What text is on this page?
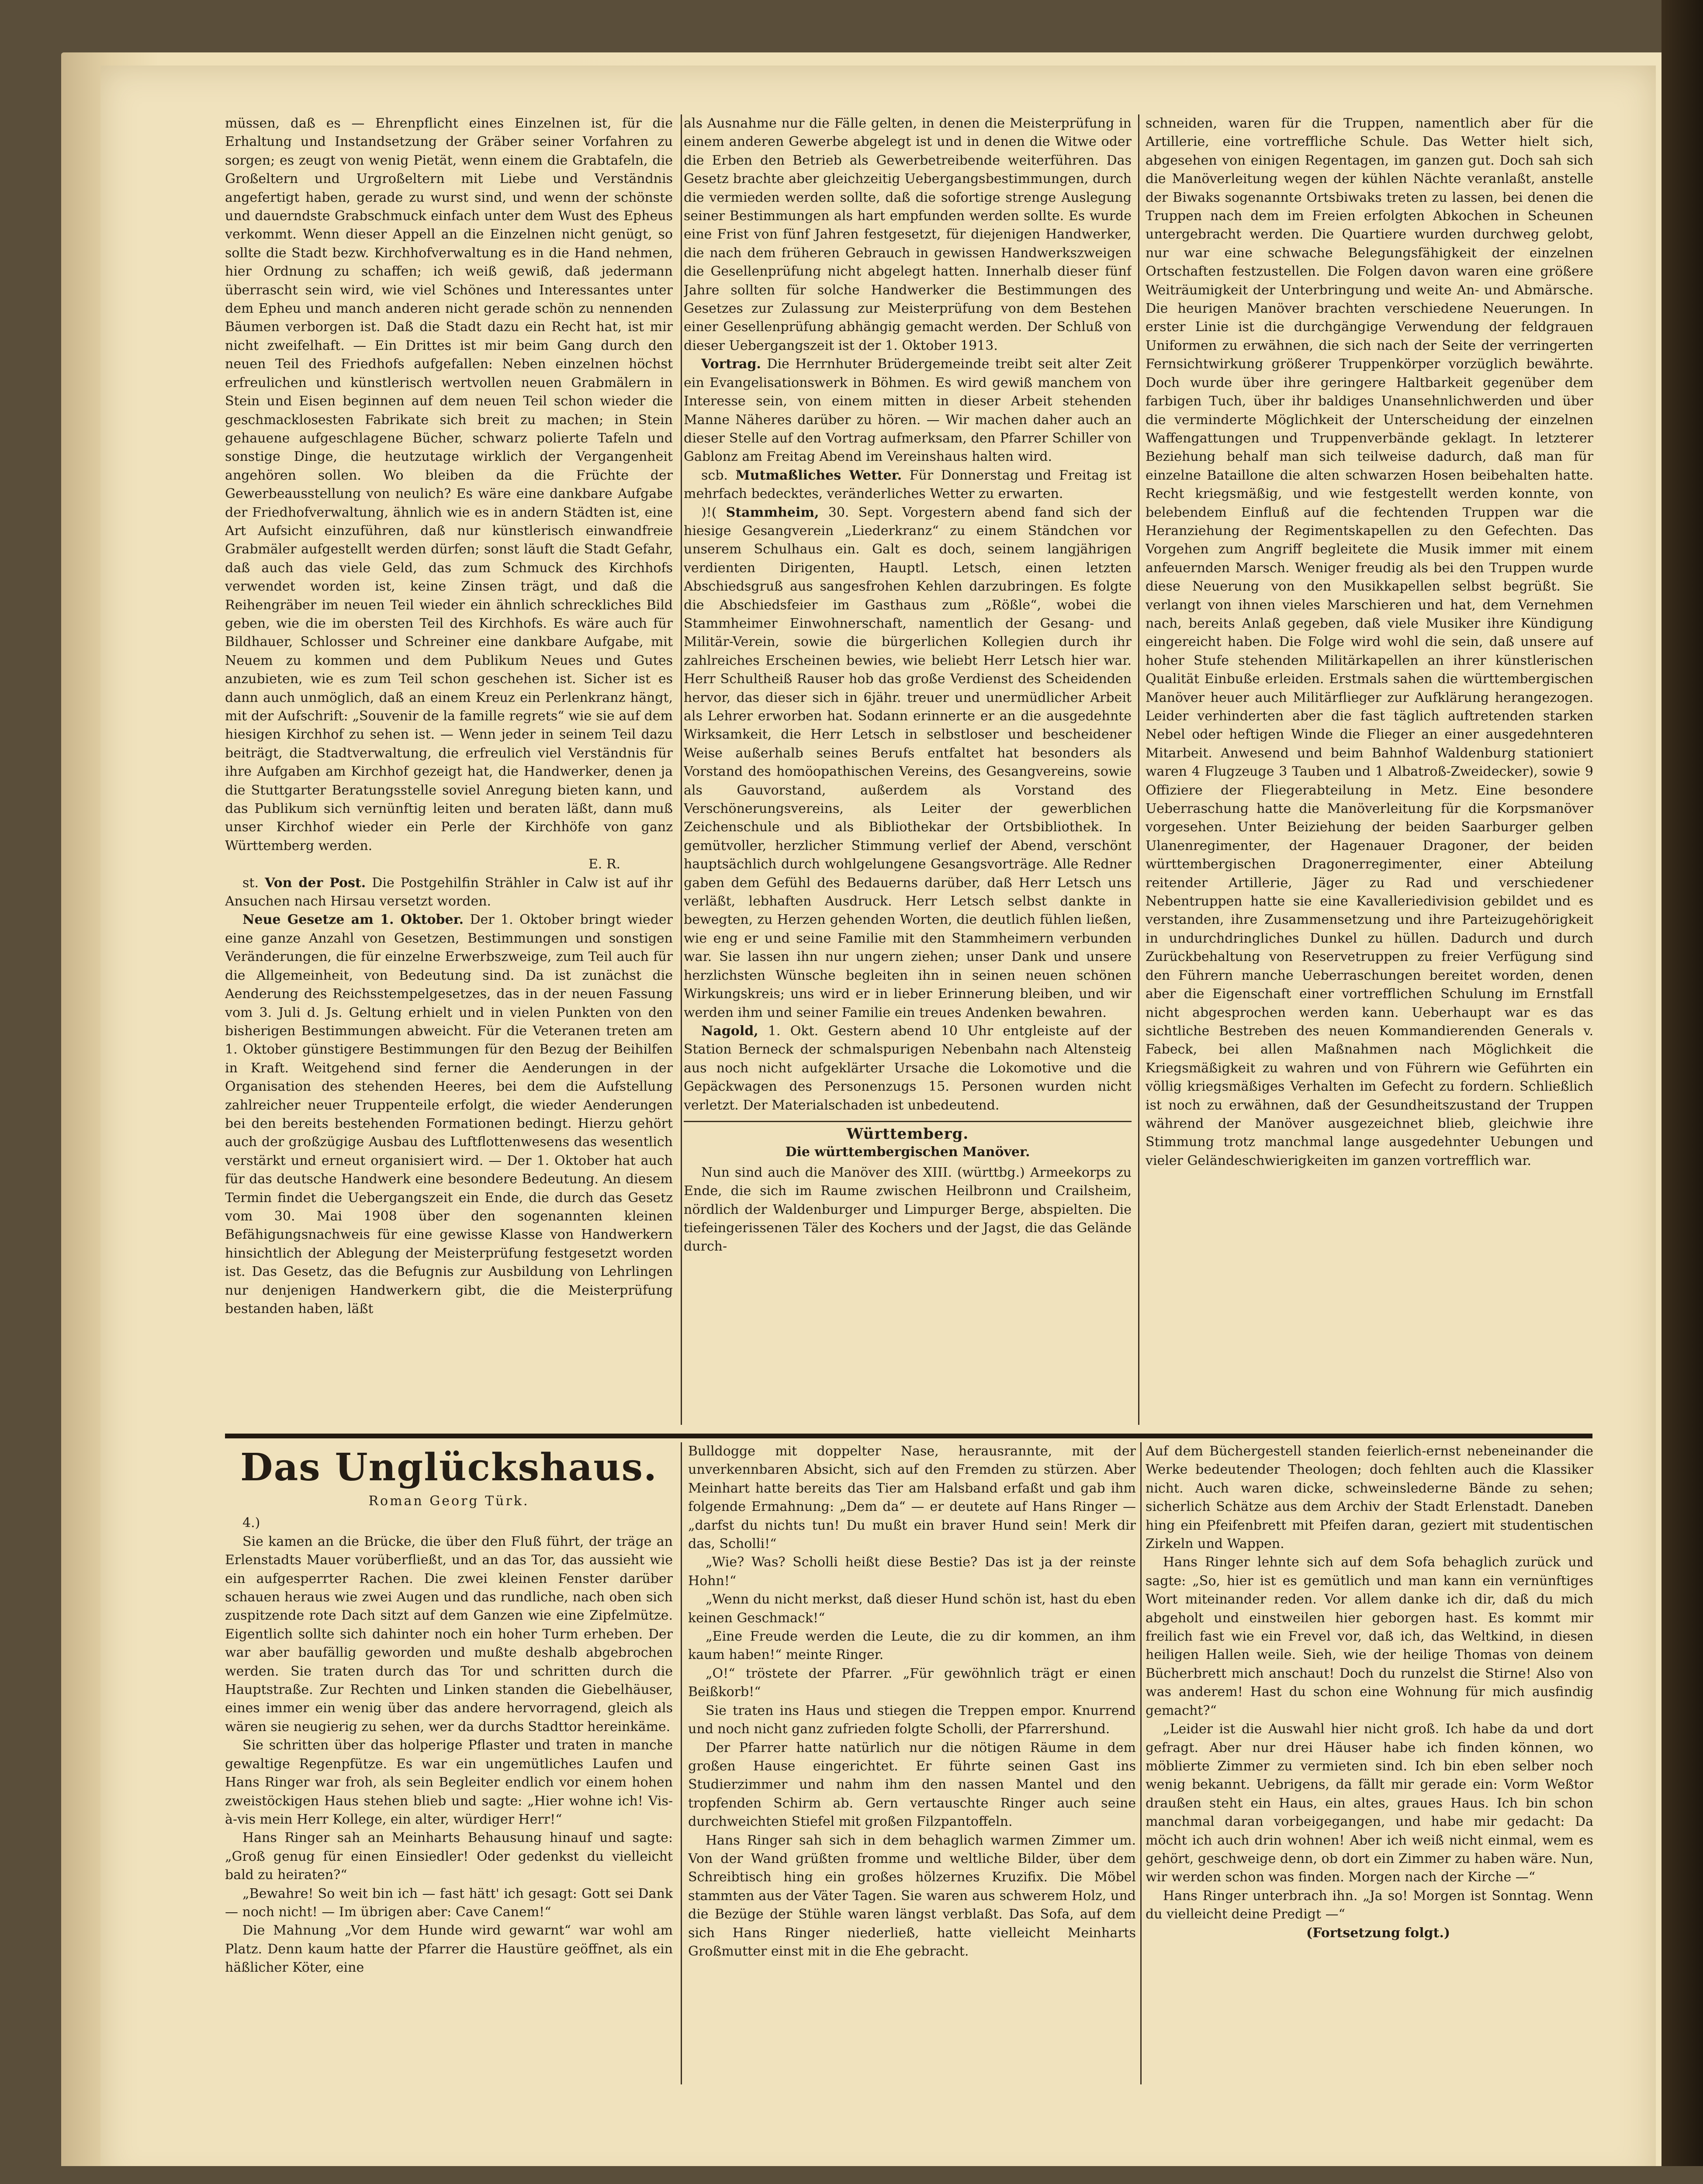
müssen, daß es — Ehrenpflicht eines Einzelnen ist, für die Erhaltung und Instandsetzung der Gräber seiner Vorfahren zu sorgen; es zeugt von wenig Pietät, wenn einem die Grabtafeln, die Großeltern und Urgroßeltern mit Liebe und Verständnis angefertigt haben, gerade zu wurst sind, und wenn der schönste und dauerndste Grabschmuck einfach unter dem Wust des Epheus verkommt. Wenn dieser Appell an die Einzelnen nicht genügt, so sollte die Stadt bezw. Kirchhofverwaltung es in die Hand nehmen, hier Ordnung zu schaffen; ich weiß gewiß, daß jedermann überrascht sein wird, wie viel Schönes und Interessantes unter dem Epheu und manch anderen nicht gerade schön zu nennenden Bäumen verborgen ist. Daß die Stadt dazu ein Recht hat, ist mir nicht zweifelhaft. — Ein Drittes ist mir beim Gang durch den neuen Teil des Friedhofs aufgefallen: Neben einzelnen höchst erfreulichen und künstlerisch wertvollen neuen Grabmälern in Stein und Eisen beginnen auf dem neuen Teil schon wieder die geschmacklosesten Fabrikate sich breit zu machen; in Stein gehauene aufgeschlagene Bücher, schwarz polierte Tafeln und sonstige Dinge, die heutzutage wirklich der Vergangenheit angehören sollen. Wo bleiben da die Früchte der Gewerbeausstellung von neulich? Es wäre eine dankbare Aufgabe der Friedhofverwaltung, ähnlich wie es in andern Städten ist, eine Art Aufsicht einzuführen, daß nur künstlerisch einwandfreie Grabmäler aufgestellt werden dürfen; sonst läuft die Stadt Gefahr, daß auch das viele Geld, das zum Schmuck des Kirchhofs verwendet worden ist, keine Zinsen trägt, und daß die Reihengräber im neuen Teil wieder ein ähnlich schreckliches Bild geben, wie die im obersten Teil des Kirchhofs. Es wäre auch für Bildhauer, Schlosser und Schreiner eine dankbare Aufgabe, mit Neuem zu kommen und dem Publikum Neues und Gutes anzubieten, wie es zum Teil schon geschehen ist. Sicher ist es dann auch unmöglich, daß an einem Kreuz ein Perlenkranz hängt, mit der Aufschrift: „Souvenir de la famille regrets“ wie sie auf dem hiesigen Kirchhof zu sehen ist. — Wenn jeder in seinem Teil dazu beiträgt, die Stadtverwaltung, die erfreulich viel Verständnis für ihre Aufgaben am Kirchhof gezeigt hat, die Handwerker, denen ja die Stuttgarter Beratungsstelle soviel Anregung bieten kann, und das Publikum sich vernünftig leiten und beraten läßt, dann muß unser Kirchhof wieder ein Perle der Kirchhöfe von ganz Württemberg werden.

E. R.

st. Von der Post. Die Postgehilfin Strähler in Calw ist auf ihr Ansuchen nach Hirsau versetzt worden.

Neue Gesetze am 1. Oktober. Der 1. Oktober bringt wieder eine ganze Anzahl von Gesetzen, Bestimmungen und sonstigen Veränderungen, die für einzelne Erwerbszweige, zum Teil auch für die Allgemeinheit, von Bedeutung sind. Da ist zunächst die Aenderung des Reichsstempelgesetzes, das in der neuen Fassung vom 3. Juli d. Js. Geltung erhielt und in vielen Punkten von den bisherigen Bestimmungen abweicht. Für die Veteranen treten am 1. Oktober günstigere Bestimmungen für den Bezug der Beihilfen in Kraft. Weitgehend sind ferner die Aenderungen in der Organisation des stehenden Heeres, bei dem die Aufstellung zahlreicher neuer Truppenteile erfolgt, die wieder Aenderungen bei den bereits bestehenden Formationen bedingt. Hierzu gehört auch der großzügige Ausbau des Luftflottenwesens das wesentlich verstärkt und erneut organisiert wird. — Der 1. Oktober hat auch für das deutsche Handwerk eine besondere Bedeutung. An diesem Termin findet die Uebergangszeit ein Ende, die durch das Gesetz vom 30. Mai 1908 über den sogenannten kleinen Befähigungsnachweis für eine gewisse Klasse von Handwerkern hinsichtlich der Ablegung der Meisterprüfung festgesetzt worden ist. Das Gesetz, das die Befugnis zur Ausbildung von Lehrlingen nur denjenigen Handwerkern gibt, die die Meisterprüfung bestanden haben, läßt

als Ausnahme nur die Fälle gelten, in denen die Meisterprüfung in einem anderen Gewerbe abgelegt ist und in denen die Witwe oder die Erben den Betrieb als Gewerbetreibende weiterführen. Das Gesetz brachte aber gleichzeitig Uebergangsbestimmungen, durch die vermieden werden sollte, daß die sofortige strenge Auslegung seiner Bestimmungen als hart empfunden werden sollte. Es wurde eine Frist von fünf Jahren festgesetzt, für diejenigen Handwerker, die nach dem früheren Gebrauch in gewissen Handwerkszweigen die Gesellenprüfung nicht abgelegt hatten. Innerhalb dieser fünf Jahre sollten für solche Handwerker die Bestimmungen des Gesetzes zur Zulassung zur Meisterprüfung von dem Bestehen einer Gesellenprüfung abhängig gemacht werden. Der Schluß von dieser Uebergangszeit ist der 1. Oktober 1913.

Vortrag. Die Herrnhuter Brüdergemeinde treibt seit alter Zeit ein Evangelisationswerk in Böhmen. Es wird gewiß manchem von Interesse sein, von einem mitten in dieser Arbeit stehenden Manne Näheres darüber zu hören. — Wir machen daher auch an dieser Stelle auf den Vortrag aufmerksam, den Pfarrer Schiller von Gablonz am Freitag Abend im Vereinshaus halten wird.

scb. Mutmaßliches Wetter. Für Donnerstag und Freitag ist mehrfach bedecktes, veränderliches Wetter zu erwarten.

)!( Stammheim, 30. Sept. Vorgestern abend fand sich der hiesige Gesangverein „Liederkranz“ zu einem Ständchen vor unserem Schulhaus ein. Galt es doch, seinem langjährigen verdienten Dirigenten, Hauptl. Letsch, einen letzten Abschiedsgruß aus sangesfrohen Kehlen darzubringen. Es folgte die Abschiedsfeier im Gasthaus zum „Rößle“, wobei die Stammheimer Einwohnerschaft, namentlich der Gesang- und Militär-Verein, sowie die bürgerlichen Kollegien durch ihr zahlreiches Erscheinen bewies, wie beliebt Herr Letsch hier war. Herr Schultheiß Rauser hob das große Verdienst des Scheidenden hervor, das dieser sich in 6jähr. treuer und unermüdlicher Arbeit als Lehrer erworben hat. Sodann erinnerte er an die ausgedehnte Wirksamkeit, die Herr Letsch in selbstloser und bescheidener Weise außerhalb seines Berufs entfaltet hat besonders als Vorstand des homöopathischen Vereins, des Gesangvereins, sowie als Gauvorstand, außerdem als Vorstand des Verschönerungsvereins, als Leiter der gewerblichen Zeichenschule und als Bibliothekar der Ortsbibliothek. In gemütvoller, herzlicher Stimmung verlief der Abend, verschönt hauptsächlich durch wohlgelungene Gesangsvorträge. Alle Redner gaben dem Gefühl des Bedauerns darüber, daß Herr Letsch uns verläßt, lebhaften Ausdruck. Herr Letsch selbst dankte in bewegten, zu Herzen gehenden Worten, die deutlich fühlen ließen, wie eng er und seine Familie mit den Stammheimern verbunden war. Sie lassen ihn nur ungern ziehen; unser Dank und unsere herzlichsten Wünsche begleiten ihn in seinen neuen schönen Wirkungskreis; uns wird er in lieber Erinnerung bleiben, und wir werden ihm und seiner Familie ein treues Andenken bewahren.

Nagold, 1. Okt. Gestern abend 10 Uhr entgleiste auf der Station Berneck der schmalspurigen Nebenbahn nach Altensteig aus noch nicht aufgeklärter Ursache die Lokomotive und die Gepäckwagen des Personenzugs 15. Personen wurden nicht verletzt. Der Materialschaden ist unbedeutend.

Württemberg.
Die württembergischen Manöver.

Nun sind auch die Manöver des XIII. (württbg.) Armeekorps zu Ende, die sich im Raume zwischen Heilbronn und Crailsheim, nördlich der Waldenburger und Limpurger Berge, abspielten. Die tiefeingerissenen Täler des Kochers und der Jagst, die das Gelände durch-

schneiden, waren für die Truppen, namentlich aber für die Artillerie, eine vortreffliche Schule. Das Wetter hielt sich, abgesehen von einigen Regentagen, im ganzen gut. Doch sah sich die Manöverleitung wegen der kühlen Nächte veranlaßt, anstelle der Biwaks sogenannte Ortsbiwaks treten zu lassen, bei denen die Truppen nach dem im Freien erfolgten Abkochen in Scheunen untergebracht werden. Die Quartiere wurden durchweg gelobt, nur war eine schwache Belegungsfähigkeit der einzelnen Ortschaften festzustellen. Die Folgen davon waren eine größere Weiträumigkeit der Unterbringung und weite An- und Abmärsche. Die heurigen Manöver brachten verschiedene Neuerungen. In erster Linie ist die durchgängige Verwendung der feldgrauen Uniformen zu erwähnen, die sich nach der Seite der verringerten Fernsichtwirkung größerer Truppenkörper vorzüglich bewährte. Doch wurde über ihre geringere Haltbarkeit gegenüber dem farbigen Tuch, über ihr baldiges Unansehnlichwerden und über die verminderte Möglichkeit der Unterscheidung der einzelnen Waffengattungen und Truppenverbände geklagt. In letzterer Beziehung behalf man sich teilweise dadurch, daß man für einzelne Bataillone die alten schwarzen Hosen beibehalten hatte. Recht kriegsmäßig, und wie festgestellt werden konnte, von belebendem Einfluß auf die fechtenden Truppen war die Heranziehung der Regimentskapellen zu den Gefechten. Das Vorgehen zum Angriff begleitete die Musik immer mit einem anfeuernden Marsch. Weniger freudig als bei den Truppen wurde diese Neuerung von den Musikkapellen selbst begrüßt. Sie verlangt von ihnen vieles Marschieren und hat, dem Vernehmen nach, bereits Anlaß gegeben, daß viele Musiker ihre Kündigung eingereicht haben. Die Folge wird wohl die sein, daß unsere auf hoher Stufe stehenden Militärkapellen an ihrer künstlerischen Qualität Einbuße erleiden. Erstmals sahen die württembergischen Manöver heuer auch Militärflieger zur Aufklärung herangezogen. Leider verhinderten aber die fast täglich auftretenden starken Nebel oder heftigen Winde die Flieger an einer ausgedehnteren Mitarbeit. Anwesend und beim Bahnhof Waldenburg stationiert waren 4 Flugzeuge 3 Tauben und 1 Albatroß-Zweidecker), sowie 9 Offiziere der Fliegerabteilung in Metz. Eine besondere Ueberraschung hatte die Manöverleitung für die Korpsmanöver vorgesehen. Unter Beiziehung der beiden Saarburger gelben Ulanenregimenter, der Hagenauer Dragoner, der beiden württembergischen Dragonerregimenter, einer Abteilung reitender Artillerie, Jäger zu Rad und verschiedener Nebentruppen hatte sie eine Kavalleriedivision gebildet und es verstanden, ihre Zusammensetzung und ihre Parteizugehörigkeit in undurchdringliches Dunkel zu hüllen. Dadurch und durch Zurückbehaltung von Reservetruppen zu freier Verfügung sind den Führern manche Ueberraschungen bereitet worden, denen aber die Eigenschaft einer vortrefflichen Schulung im Ernstfall nicht abgesprochen werden kann. Ueberhaupt war es das sichtliche Bestreben des neuen Kommandierenden Generals v. Fabeck, bei allen Maßnahmen nach Möglichkeit die Kriegsmäßigkeit zu wahren und von Führern wie Geführten ein völlig kriegsmäßiges Verhalten im Gefecht zu fordern. Schließlich ist noch zu erwähnen, daß der Gesundheitszustand der Truppen während der Manöver ausgezeichnet blieb, gleichwie ihre Stimmung trotz manchmal lange ausgedehnter Uebungen und vieler Geländeschwierigkeiten im ganzen vortrefflich war.

Das Unglückshaus.
Roman Georg Türk.

4.)

Sie kamen an die Brücke, die über den Fluß führt, der träge an Erlenstadts Mauer vorüberfließt, und an das Tor, das aussieht wie ein aufgesperrter Rachen. Die zwei kleinen Fenster darüber schauen heraus wie zwei Augen und das rundliche, nach oben sich zuspitzende rote Dach sitzt auf dem Ganzen wie eine Zipfelmütze. Eigentlich sollte sich dahinter noch ein hoher Turm erheben. Der war aber baufällig geworden und mußte deshalb abgebrochen werden. Sie traten durch das Tor und schritten durch die Hauptstraße. Zur Rechten und Linken standen die Giebelhäuser, eines immer ein wenig über das andere hervorragend, gleich als wären sie neugierig zu sehen, wer da durchs Stadttor hereinkäme.

Sie schritten über das holperige Pflaster und traten in manche gewaltige Regenpfütze. Es war ein ungemütliches Laufen und Hans Ringer war froh, als sein Begleiter endlich vor einem hohen zweistöckigen Haus stehen blieb und sagte: „Hier wohne ich! Vis-à-vis mein Herr Kollege, ein alter, würdiger Herr!“

Hans Ringer sah an Meinharts Behausung hinauf und sagte: „Groß genug für einen Einsiedler! Oder gedenkst du vielleicht bald zu heiraten?“

„Bewahre! So weit bin ich — fast hätt' ich gesagt: Gott sei Dank — noch nicht! — Im übrigen aber: Cave Canem!“

Die Mahnung „Vor dem Hunde wird gewarnt“ war wohl am Platz. Denn kaum hatte der Pfarrer die Haustüre geöffnet, als ein häßlicher Köter, eine

Bulldogge mit doppelter Nase, herausrannte, mit der unverkennbaren Absicht, sich auf den Fremden zu stürzen. Aber Meinhart hatte bereits das Tier am Halsband erfaßt und gab ihm folgende Ermahnung: „Dem da“ — er deutete auf Hans Ringer — „darfst du nichts tun! Du mußt ein braver Hund sein! Merk dir das, Scholli!“

„Wie? Was? Scholli heißt diese Bestie? Das ist ja der reinste Hohn!“

„Wenn du nicht merkst, daß dieser Hund schön ist, hast du eben keinen Geschmack!“

„Eine Freude werden die Leute, die zu dir kommen, an ihm kaum haben!“ meinte Ringer.

„O!“ tröstete der Pfarrer. „Für gewöhnlich trägt er einen Beißkorb!“

Sie traten ins Haus und stiegen die Treppen empor. Knurrend und noch nicht ganz zufrieden folgte Scholli, der Pfarrershund.

Der Pfarrer hatte natürlich nur die nötigen Räume in dem großen Hause eingerichtet. Er führte seinen Gast ins Studierzimmer und nahm ihm den nassen Mantel und den tropfenden Schirm ab. Gern vertauschte Ringer auch seine durchweichten Stiefel mit großen Filzpantoffeln.

Hans Ringer sah sich in dem behaglich warmen Zimmer um. Von der Wand grüßten fromme und weltliche Bilder, über dem Schreibtisch hing ein großes hölzernes Kruzifix. Die Möbel stammten aus der Väter Tagen. Sie waren aus schwerem Holz, und die Bezüge der Stühle waren längst verblaßt. Das Sofa, auf dem sich Hans Ringer niederließ, hatte vielleicht Meinharts Großmutter einst mit in die Ehe gebracht.

Auf dem Büchergestell standen feierlich-ernst nebeneinander die Werke bedeutender Theologen; doch fehlten auch die Klassiker nicht. Auch waren dicke, schweinslederne Bände zu sehen; sicherlich Schätze aus dem Archiv der Stadt Erlenstadt. Daneben hing ein Pfeifenbrett mit Pfeifen daran, geziert mit studentischen Zirkeln und Wappen.

Hans Ringer lehnte sich auf dem Sofa behaglich zurück und sagte: „So, hier ist es gemütlich und man kann ein vernünftiges Wort miteinander reden. Vor allem danke ich dir, daß du mich abgeholt und einstweilen hier geborgen hast. Es kommt mir freilich fast wie ein Frevel vor, daß ich, das Weltkind, in diesen heiligen Hallen weile. Sieh, wie der heilige Thomas von deinem Bücherbrett mich anschaut! Doch du runzelst die Stirne! Also von was anderem! Hast du schon eine Wohnung für mich ausfindig gemacht?“

„Leider ist die Auswahl hier nicht groß. Ich habe da und dort gefragt. Aber nur drei Häuser habe ich finden können, wo möblierte Zimmer zu vermieten sind. Ich bin eben selber noch wenig bekannt. Uebrigens, da fällt mir gerade ein: Vorm Weßtor draußen steht ein Haus, ein altes, graues Haus. Ich bin schon manchmal daran vorbeigegangen, und habe mir gedacht: Da möcht ich auch drin wohnen! Aber ich weiß nicht einmal, wem es gehört, geschweige denn, ob dort ein Zimmer zu haben wäre. Nun, wir werden schon was finden. Morgen nach der Kirche —“

Hans Ringer unterbrach ihn. „Ja so! Morgen ist Sonntag. Wenn du vielleicht deine Predigt —“

(Fortsetzung folgt.)
